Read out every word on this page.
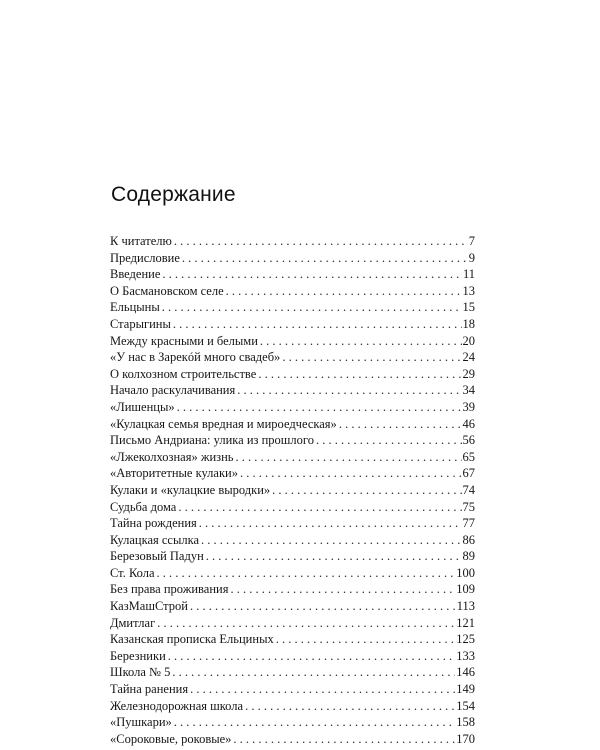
Содержание
К читателю . . .	7
Предисловие . . .	9
Введение . . .	11
О Басмановском селе . . .	13
Ельцыны . . .	15
Старыгины . . .	18
Между красными и белыми . . .	20
«У нас в Зарекóй много свадеб» . . .	24
О колхозном строительстве . . .	29
Начало раскулачивания . . .	34
«Лишенцы» . . .	39
«Кулацкая семья вредная и мироедческая» . . .	46
Письмо Андриана: улика из прошлого . . .	56
«Лжеколхозная» жизнь . . .	65
«Авторитетные кулаки» . . .	67
Кулаки и «кулацкие выродки» . . .	74
Судьба дома . . .	75
Тайна рождения . . .	77
Кулацкая ссылка . . .	86
Березовый Падун . . .	89
Ст. Кола . . .	100
Без права проживания . . .	109
КазМашСтрой . . .	113
Дмитлаг . . .	121
Казанская прописка Ельциных . . .	125
Березники . . .	133
Школа № 5 . . .	146
Тайна ранения . . .	149
Железнодорожная школа . . .	154
«Пушкари» . . .	158
«Сороковые, роковые» . . .	170
